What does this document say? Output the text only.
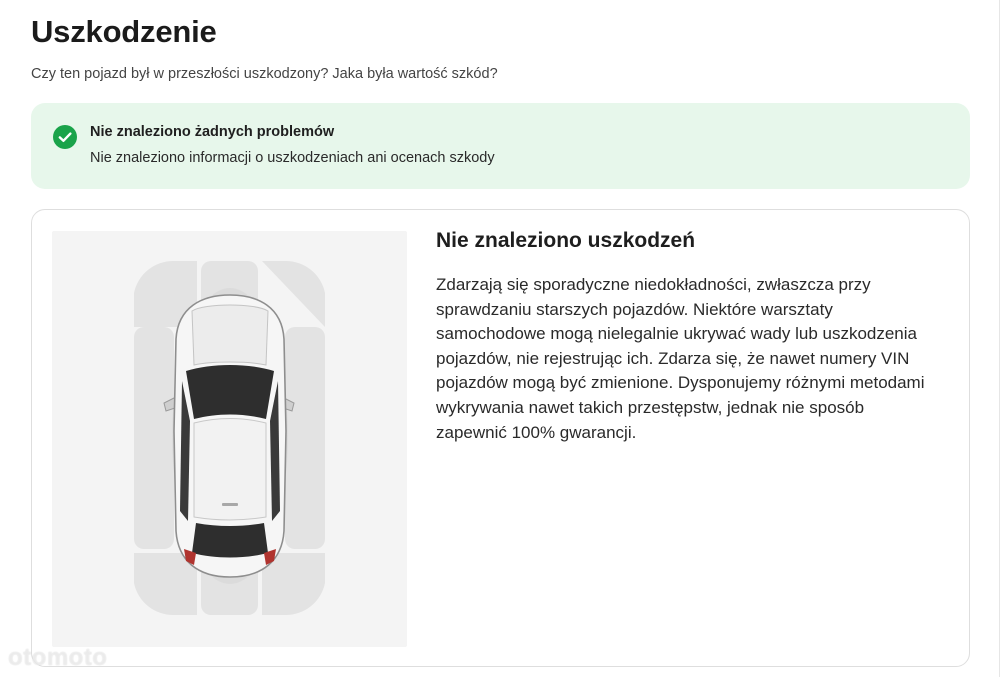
Uszkodzenie
Czy ten pojazd był w przeszłości uszkodzony? Jaka była wartość szkód?
Nie znaleziono żadnych problemów
Nie znaleziono informacji o uszkodzeniach ani ocenach szkody
Nie znaleziono uszkodzeń

Zdarzają się sporadyczne niedokładności, zwłaszcza przy sprawdzaniu starszych pojazdów. Niektóre warsztaty samochodowe mogą nielegalnie ukrywać wady lub uszkodzenia pojazdów, nie rejestrując ich. Zdarza się, że nawet numery VIN pojazdów mogą być zmienione. Dysponujemy różnymi metodami wykrywania nawet takich przestępstw, jednak nie sposób zapewnić 100% gwarancji.

otomoto
